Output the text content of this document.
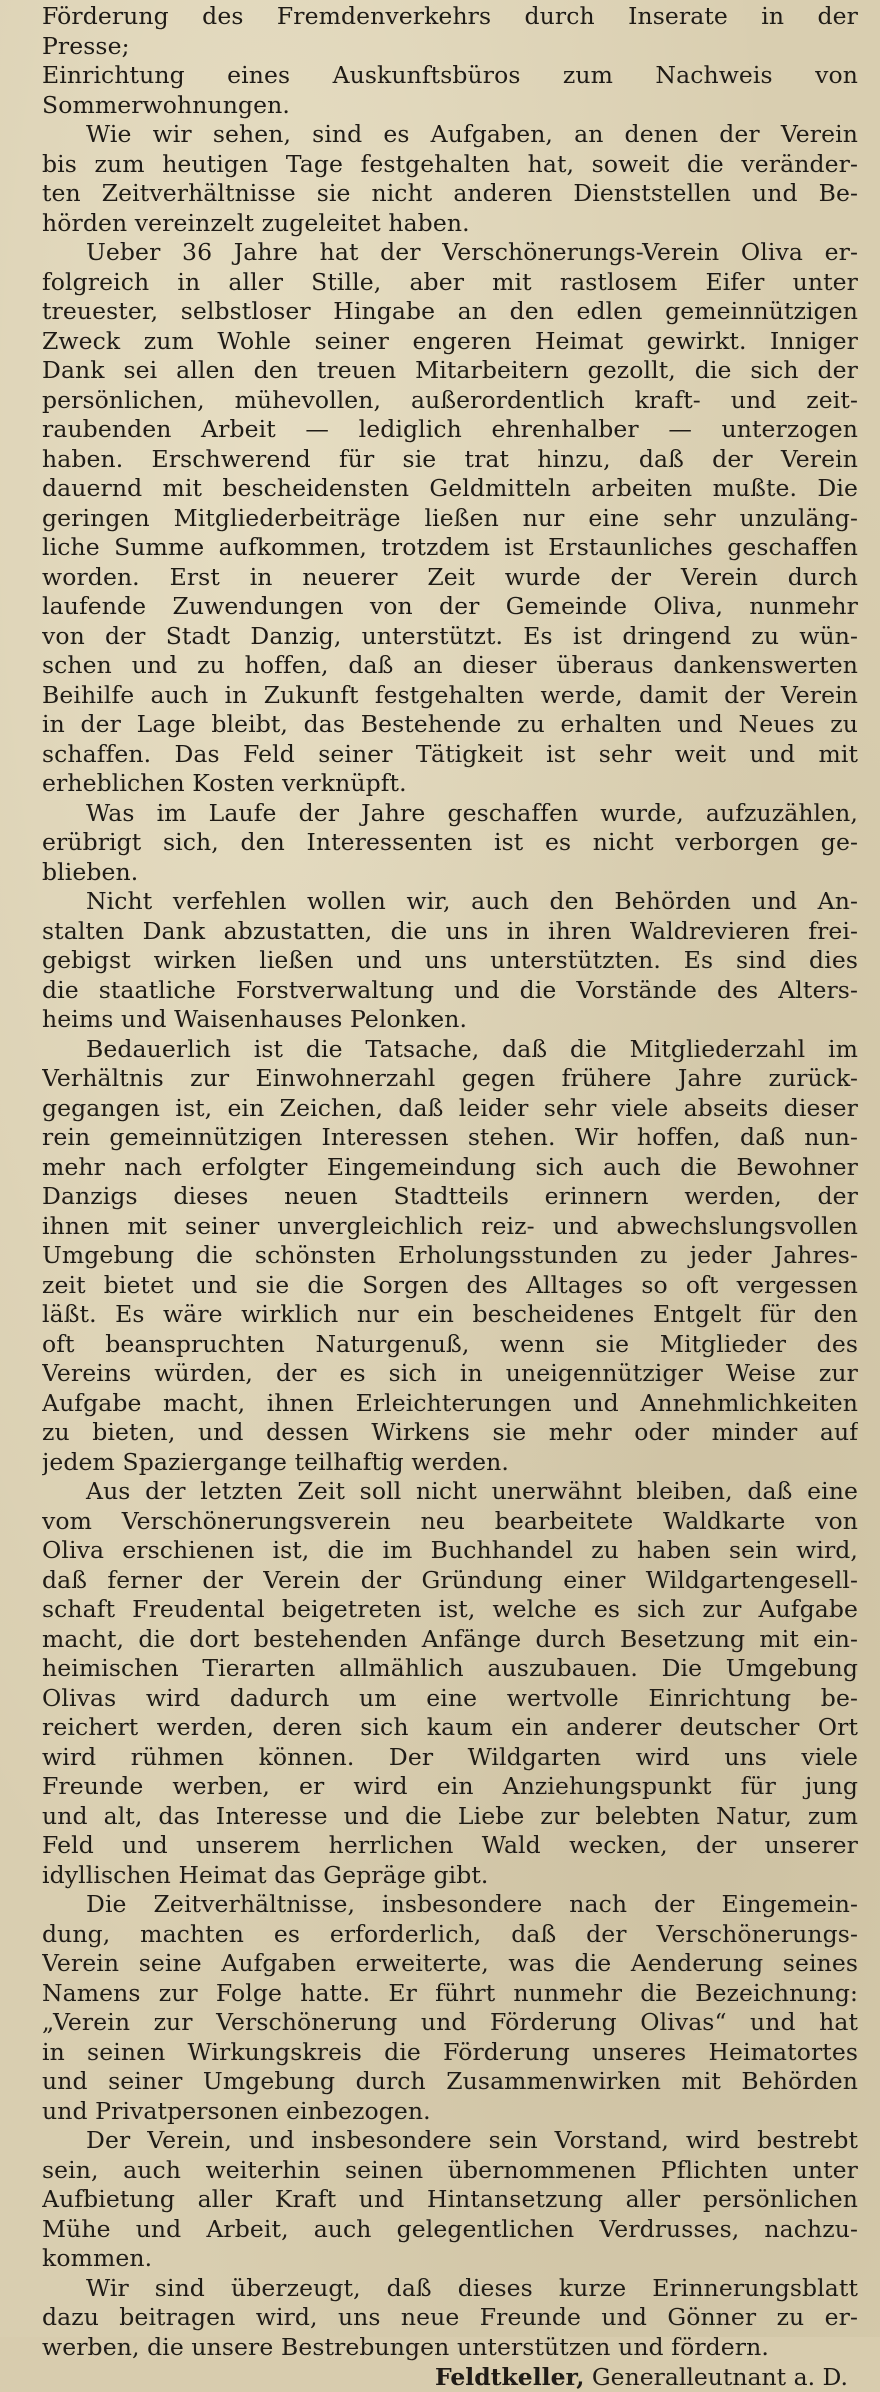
Förderung des Fremdenverkehrs durch Inserate in der
Presse;
Einrichtung eines Auskunftsbüros zum Nachweis von
Sommerwohnungen.
Wie wir sehen, sind es Aufgaben, an denen der Verein
bis zum heutigen Tage festgehalten hat, soweit die veränder-
ten Zeitverhältnisse sie nicht anderen Dienststellen und Be-
hörden vereinzelt zugeleitet haben.
Ueber 36 Jahre hat der Verschönerungs-Verein Oliva er-
folgreich in aller Stille, aber mit rastlosem Eifer unter
treuester, selbstloser Hingabe an den edlen gemeinnützigen
Zweck zum Wohle seiner engeren Heimat gewirkt. Inniger
Dank sei allen den treuen Mitarbeitern gezollt, die sich der
persönlichen, mühevollen, außerordentlich kraft- und zeit-
raubenden Arbeit — lediglich ehrenhalber — unterzogen
haben. Erschwerend für sie trat hinzu, daß der Verein
dauernd mit bescheidensten Geldmitteln arbeiten mußte. Die
geringen Mitgliederbeiträge ließen nur eine sehr unzuläng-
liche Summe aufkommen, trotzdem ist Erstaunliches geschaffen
worden. Erst in neuerer Zeit wurde der Verein durch
laufende Zuwendungen von der Gemeinde Oliva, nunmehr
von der Stadt Danzig, unterstützt. Es ist dringend zu wün-
schen und zu hoffen, daß an dieser überaus dankenswerten
Beihilfe auch in Zukunft festgehalten werde, damit der Verein
in der Lage bleibt, das Bestehende zu erhalten und Neues zu
schaffen. Das Feld seiner Tätigkeit ist sehr weit und mit
erheblichen Kosten verknüpft.
Was im Laufe der Jahre geschaffen wurde, aufzuzählen,
erübrigt sich, den Interessenten ist es nicht verborgen ge-
blieben.
Nicht verfehlen wollen wir, auch den Behörden und An-
stalten Dank abzustatten, die uns in ihren Waldrevieren frei-
gebigst wirken ließen und uns unterstützten. Es sind dies
die staatliche Forstverwaltung und die Vorstände des Alters-
heims und Waisenhauses Pelonken.
Bedauerlich ist die Tatsache, daß die Mitgliederzahl im
Verhältnis zur Einwohnerzahl gegen frühere Jahre zurück-
gegangen ist, ein Zeichen, daß leider sehr viele abseits dieser
rein gemeinnützigen Interessen stehen. Wir hoffen, daß nun-
mehr nach erfolgter Eingemeindung sich auch die Bewohner
Danzigs dieses neuen Stadtteils erinnern werden, der
ihnen mit seiner unvergleichlich reiz- und abwechslungsvollen
Umgebung die schönsten Erholungsstunden zu jeder Jahres-
zeit bietet und sie die Sorgen des Alltages so oft vergessen
läßt. Es wäre wirklich nur ein bescheidenes Entgelt für den
oft beanspruchten Naturgenuß, wenn sie Mitglieder des
Vereins würden, der es sich in uneigennütziger Weise zur
Aufgabe macht, ihnen Erleichterungen und Annehmlichkeiten
zu bieten, und dessen Wirkens sie mehr oder minder auf
jedem Spaziergange teilhaftig werden.
Aus der letzten Zeit soll nicht unerwähnt bleiben, daß eine
vom Verschönerungsverein neu bearbeitete Waldkarte von
Oliva erschienen ist, die im Buchhandel zu haben sein wird,
daß ferner der Verein der Gründung einer Wildgartengesell-
schaft Freudental beigetreten ist, welche es sich zur Aufgabe
macht, die dort bestehenden Anfänge durch Besetzung mit ein-
heimischen Tierarten allmählich auszubauen. Die Umgebung
Olivas wird dadurch um eine wertvolle Einrichtung be-
reichert werden, deren sich kaum ein anderer deutscher Ort
wird rühmen können. Der Wildgarten wird uns viele
Freunde werben, er wird ein Anziehungspunkt für jung
und alt, das Interesse und die Liebe zur belebten Natur, zum
Feld und unserem herrlichen Wald wecken, der unserer
idyllischen Heimat das Gepräge gibt.
Die Zeitverhältnisse, insbesondere nach der Eingemein-
dung, machten es erforderlich, daß der Verschönerungs-
Verein seine Aufgaben erweiterte, was die Aenderung seines
Namens zur Folge hatte. Er führt nunmehr die Bezeichnung:
„Verein zur Verschönerung und Förderung Olivas“ und hat
in seinen Wirkungskreis die Förderung unseres Heimatortes
und seiner Umgebung durch Zusammenwirken mit Behörden
und Privatpersonen einbezogen.
Der Verein, und insbesondere sein Vorstand, wird bestrebt
sein, auch weiterhin seinen übernommenen Pflichten unter
Aufbietung aller Kraft und Hintansetzung aller persönlichen
Mühe und Arbeit, auch gelegentlichen Verdrusses, nachzu-
kommen.
Wir sind überzeugt, daß dieses kurze Erinnerungsblatt
dazu beitragen wird, uns neue Freunde und Gönner zu er-
werben, die unsere Bestrebungen unterstützen und fördern.
Feldtkeller, Generalleutnant a. D.
